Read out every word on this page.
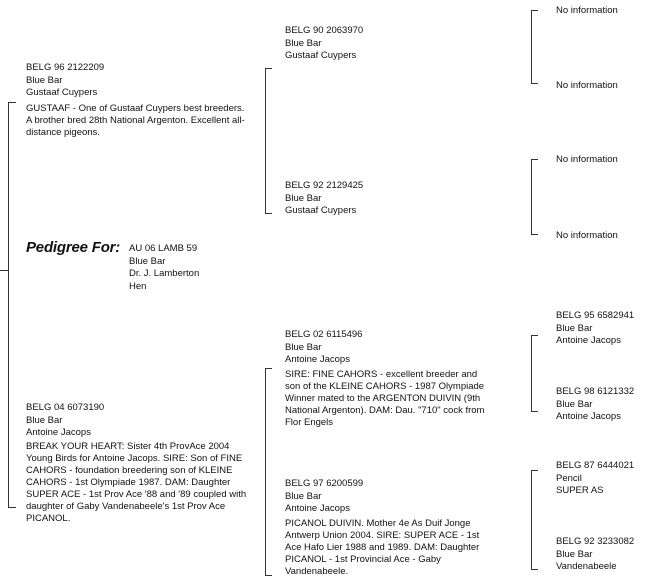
Pedigree For: AU 06 LAMB 59
Blue Bar
Dr. J. Lamberton
Hen
BELG 96 2122209
Blue Bar
Gustaaf Cuypers
GUSTAAF - One of Gustaaf Cuypers best breeders. A brother bred 28th National Argenton. Excellent all-distance pigeons.
BELG 04 6073190
Blue Bar
Antoine Jacops
BREAK YOUR HEART: Sister 4th ProvAce 2004 Young Birds for Antoine Jacops. SIRE: Son of FINE CAHORS - foundation breedering son of KLEINE CAHORS - 1st Olympiade 1987. DAM: Daughter SUPER ACE - 1st Prov Ace '88 and '89 coupled with daughter of Gaby Vandenabeele's 1st Prov Ace PICANOL.
BELG 90 2063970
Blue Bar
Gustaaf Cuypers
BELG 92 2129425
Blue Bar
Gustaaf Cuypers
BELG 02 6115496
Blue Bar
Antoine Jacops
SIRE: FINE CAHORS - excellent breeder and son of the KLEINE CAHORS - 1987 Olympiade Winner mated to the ARGENTON DUIVIN (9th National Argenton). DAM: Dau. "710" cock from Flor Engels
BELG 97 6200599
Blue Bar
Antoine Jacops
PICANOL DUIVIN. Mother 4e As Duif Jonge Antwerp Union 2004. SIRE: SUPER ACE - 1st Ace Hafo Lier 1988 and 1989. DAM: Daughter PICANOL - 1st Provincial Ace - Gaby Vandenabeele.
No information
No information
No information
No information
BELG 95 6582941
Blue Bar
Antoine Jacops
BELG 98 6121332
Blue Bar
Antoine Jacops
BELG 87 6444021
Pencil
SUPER AS
BELG 92 3233082
Blue Bar
Vandenabeele
